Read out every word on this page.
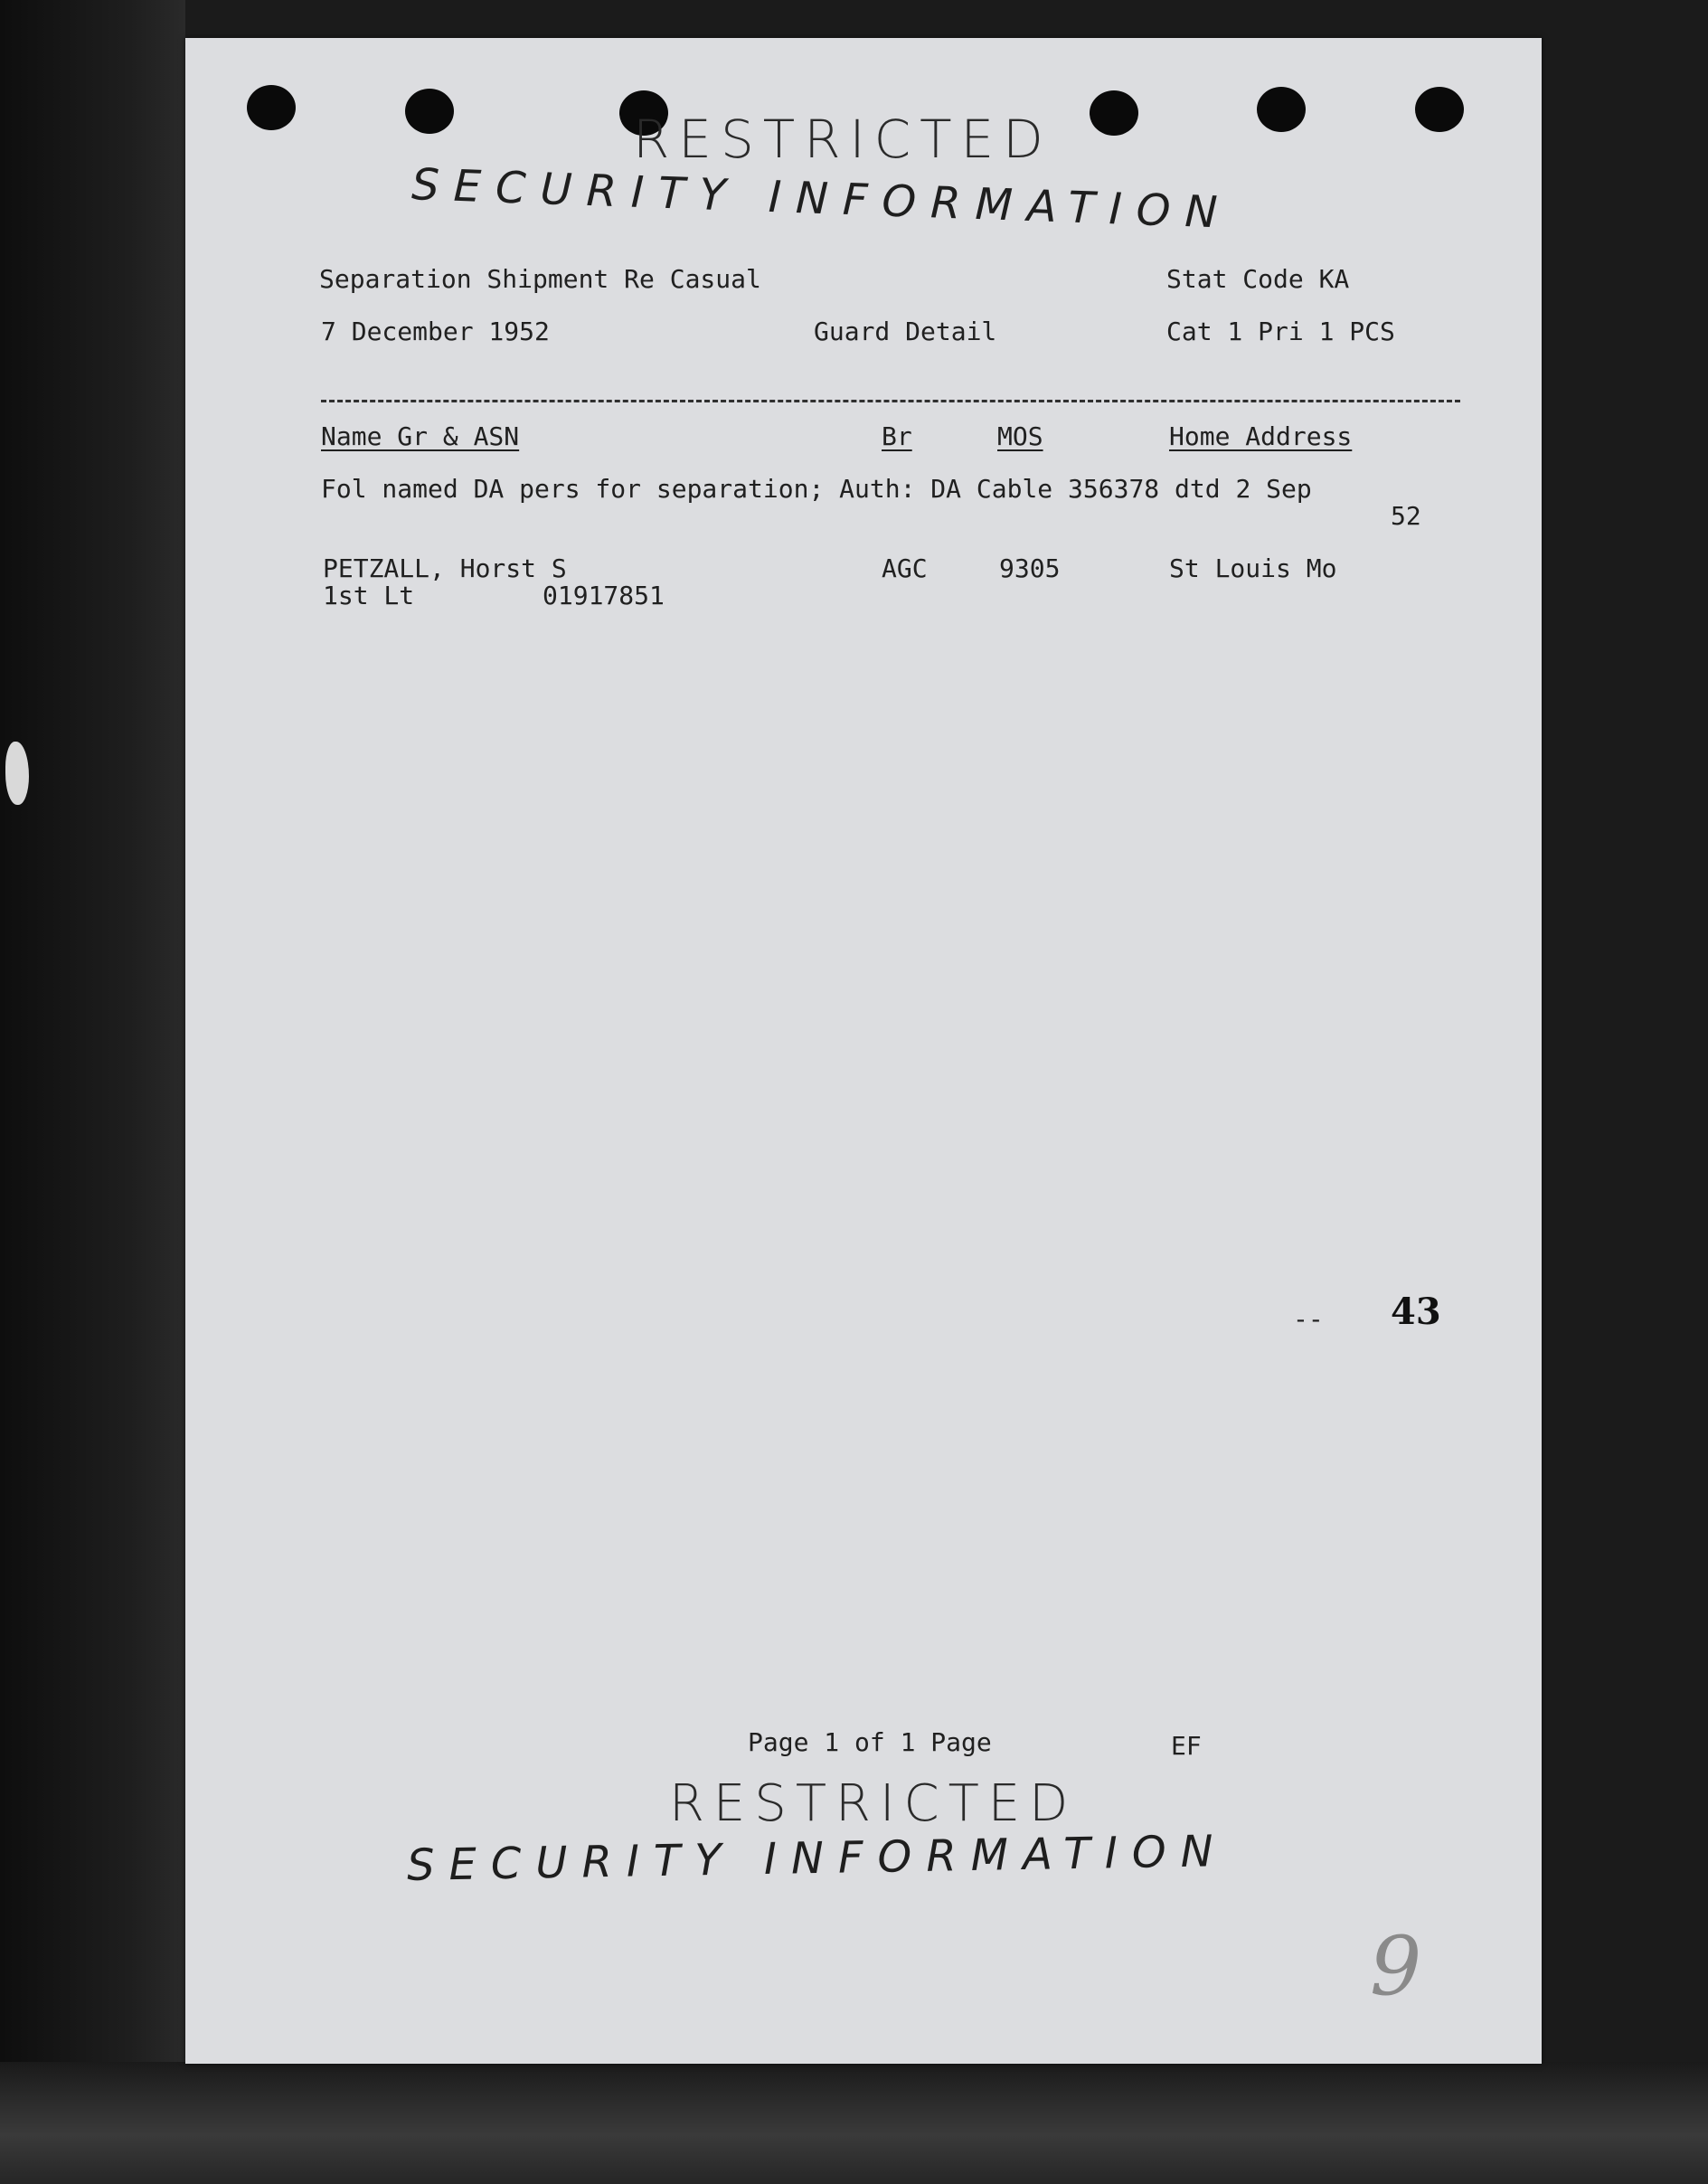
RESTRICTED
SECURITY INFORMATION
Separation Shipment Re Casual	Stat Code KA
7 December 1952	Guard Detail	Cat 1 Pri 1 PCS
Name Gr & ASN	Br	MOS	Home Address
Fol named DA pers for separation; Auth: DA Cable 356378 dtd 2 Sep
52
PETZALL, Horst S	AGC	9305	St Louis Mo
1st Lt	01917851
-- 43
Page 1 of 1 Page	EF
RESTRICTED
SECURITY INFORMATION
9
